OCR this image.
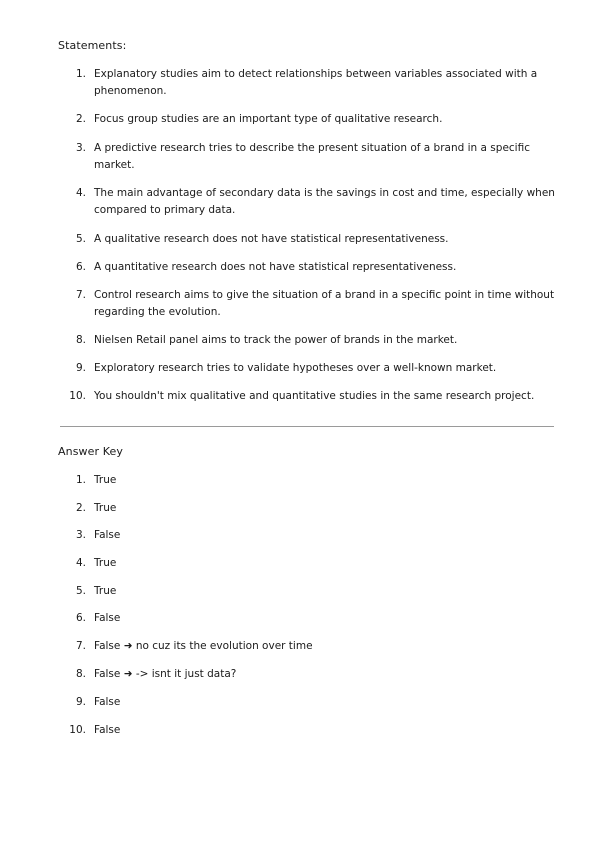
Statements:
1. Explanatory studies aim to detect relationships between variables associated with a phenomenon.
2. Focus group studies are an important type of qualitative research.
3. A predictive research tries to describe the present situation of a brand in a specific market.
4. The main advantage of secondary data is the savings in cost and time, especially when compared to primary data.
5. A qualitative research does not have statistical representativeness.
6. A quantitative research does not have statistical representativeness.
7. Control research aims to give the situation of a brand in a specific point in time without regarding the evolution.
8. Nielsen Retail panel aims to track the power of brands in the market.
9. Exploratory research tries to validate hypotheses over a well-known market.
10. You shouldn't mix qualitative and quantitative studies in the same research project.
Answer Key
1. True
2. True
3. False
4. True
5. True
6. False
7. False ➜ no cuz its the evolution over time
8. False ➜ -> isnt it just data?
9. False
10. False
